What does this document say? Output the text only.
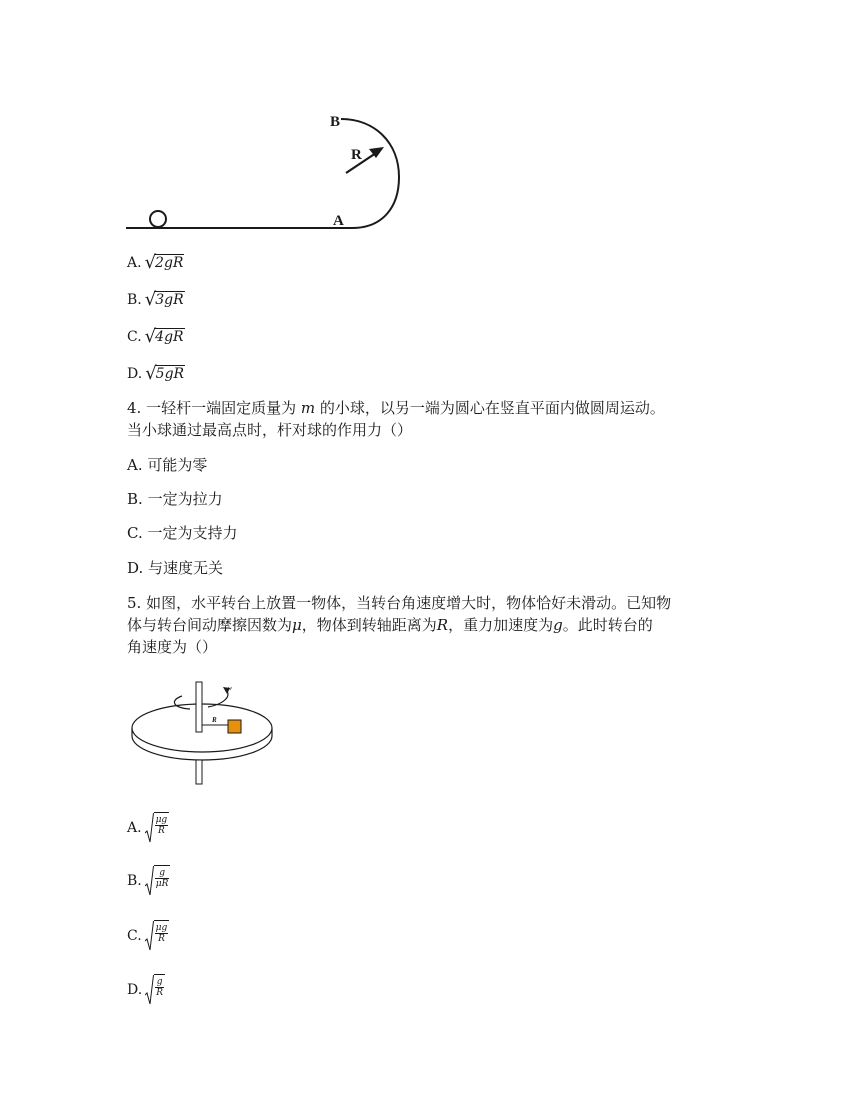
B
R
A
A. √2gR
B. √3gR
C. √4gR
D. √5gR
4. 一轻杆一端固定质量为 m 的小球，以另一端为圆心在竖直平面内做圆周运动。
当小球通过最高点时，杆对球的作用力（）
A. 可能为零
B. 一定为拉力
C. 一定为支持力
D. 与速度无关
5. 如图，水平转台上放置一物体，当转台角速度增大时，物体恰好未滑动。已知物
体与转台间动摩擦因数为μ，物体到转轴距离为R，重力加速度为g。此时转台的
角速度为（）
w
R
A. $\frac{\mu g}{R}$
B. $\frac{g}{\mu R}$
C. $\frac{\mu g}{R}$
D. $\frac{g}{R}$
